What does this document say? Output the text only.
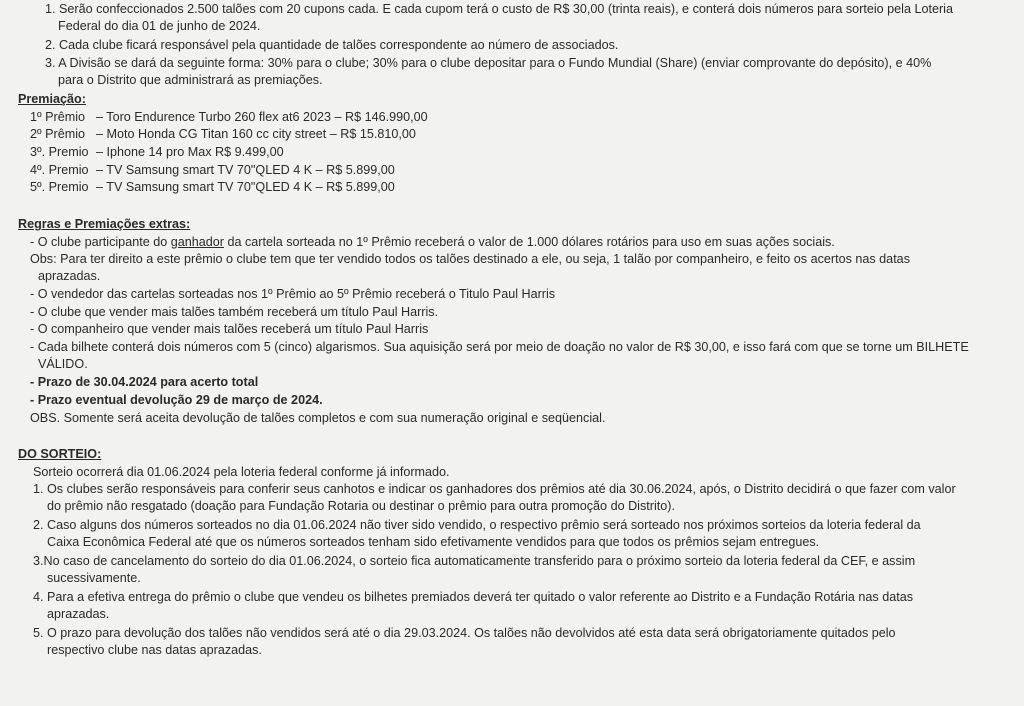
1. Serão confeccionados 2.500 talões com 20 cupons cada. E cada cupom terá o custo de R$ 30,00 (trinta reais), e conterá dois números para sorteio pela Loteria
Federal do dia 01 de junho de 2024.
2. Cada clube ficará responsável pela quantidade de talões correspondente ao número de associados.
3. A Divisão se dará da seguinte forma: 30% para o clube; 30% para o clube depositar para o Fundo Mundial (Share) (enviar comprovante do depósito), e 40%
para o Distrito que administrará as premiações.
Premiação:
1º Prêmio – Toro Endurence Turbo 260 flex at6 2023 – R$ 146.990,00
2º Prêmio – Moto Honda CG Titan 160 cc city street – R$ 15.810,00
3º. Premio – Iphone 14 pro Max R$ 9.499,00
4º. Premio – TV Samsung smart TV 70"QLED 4 K – R$ 5.899,00
5º. Premio – TV Samsung smart TV 70"QLED 4 K – R$ 5.899,00
Regras e Premiações extras:
- O clube participante do ganhador da cartela sorteada no 1º Prêmio receberá o valor de 1.000 dólares rotários para uso em suas ações sociais.
Obs: Para ter direito a este prêmio o clube tem que ter vendido todos os talões destinado a ele, ou seja, 1 talão por companheiro, e feito os acertos nas datas
aprazadas.
- O vendedor das cartelas sorteadas nos 1º Prêmio ao 5º Prêmio receberá o Titulo Paul Harris
- O clube que vender mais talões também receberá um título Paul Harris.
- O companheiro que vender mais talões receberá um título Paul Harris
- Cada bilhete conterá dois números com 5 (cinco) algarismos. Sua aquisição será por meio de doação no valor de R$ 30,00, e isso fará com que se torne um BILHETE
VÁLIDO.
- Prazo de 30.04.2024 para acerto total
- Prazo eventual devolução 29 de março de 2024.
OBS. Somente será aceita devolução de talões completos e com sua numeração original e seqüencial.
DO SORTEIO:
Sorteio ocorrerá dia 01.06.2024 pela loteria federal conforme já informado.
1. Os clubes serão responsáveis para conferir seus canhotos e indicar os ganhadores dos prêmios até dia 30.06.2024, após, o Distrito decidirá o que fazer com valor
do prêmio não resgatado (doação para Fundação Rotaria ou destinar o prêmio para outra promoção do Distrito).
2. Caso alguns dos números sorteados no dia 01.06.2024 não tiver sido vendido, o respectivo prêmio será sorteado nos próximos sorteios da loteria federal da
Caixa Econômica Federal até que os números sorteados tenham sido efetivamente vendidos para que todos os prêmios sejam entregues.
3.No caso de cancelamento do sorteio do dia 01.06.2024, o sorteio fica automaticamente transferido para o próximo sorteio da loteria federal da CEF, e assim
sucessivamente.
4. Para a efetiva entrega do prêmio o clube que vendeu os bilhetes premiados deverá ter quitado o valor referente ao Distrito e a Fundação Rotária nas datas
aprazadas.
5. O prazo para devolução dos talões não vendidos será até o dia 29.03.2024. Os talões não devolvidos até esta data será obrigatoriamente quitados pelo
respectivo clube nas datas aprazadas.
